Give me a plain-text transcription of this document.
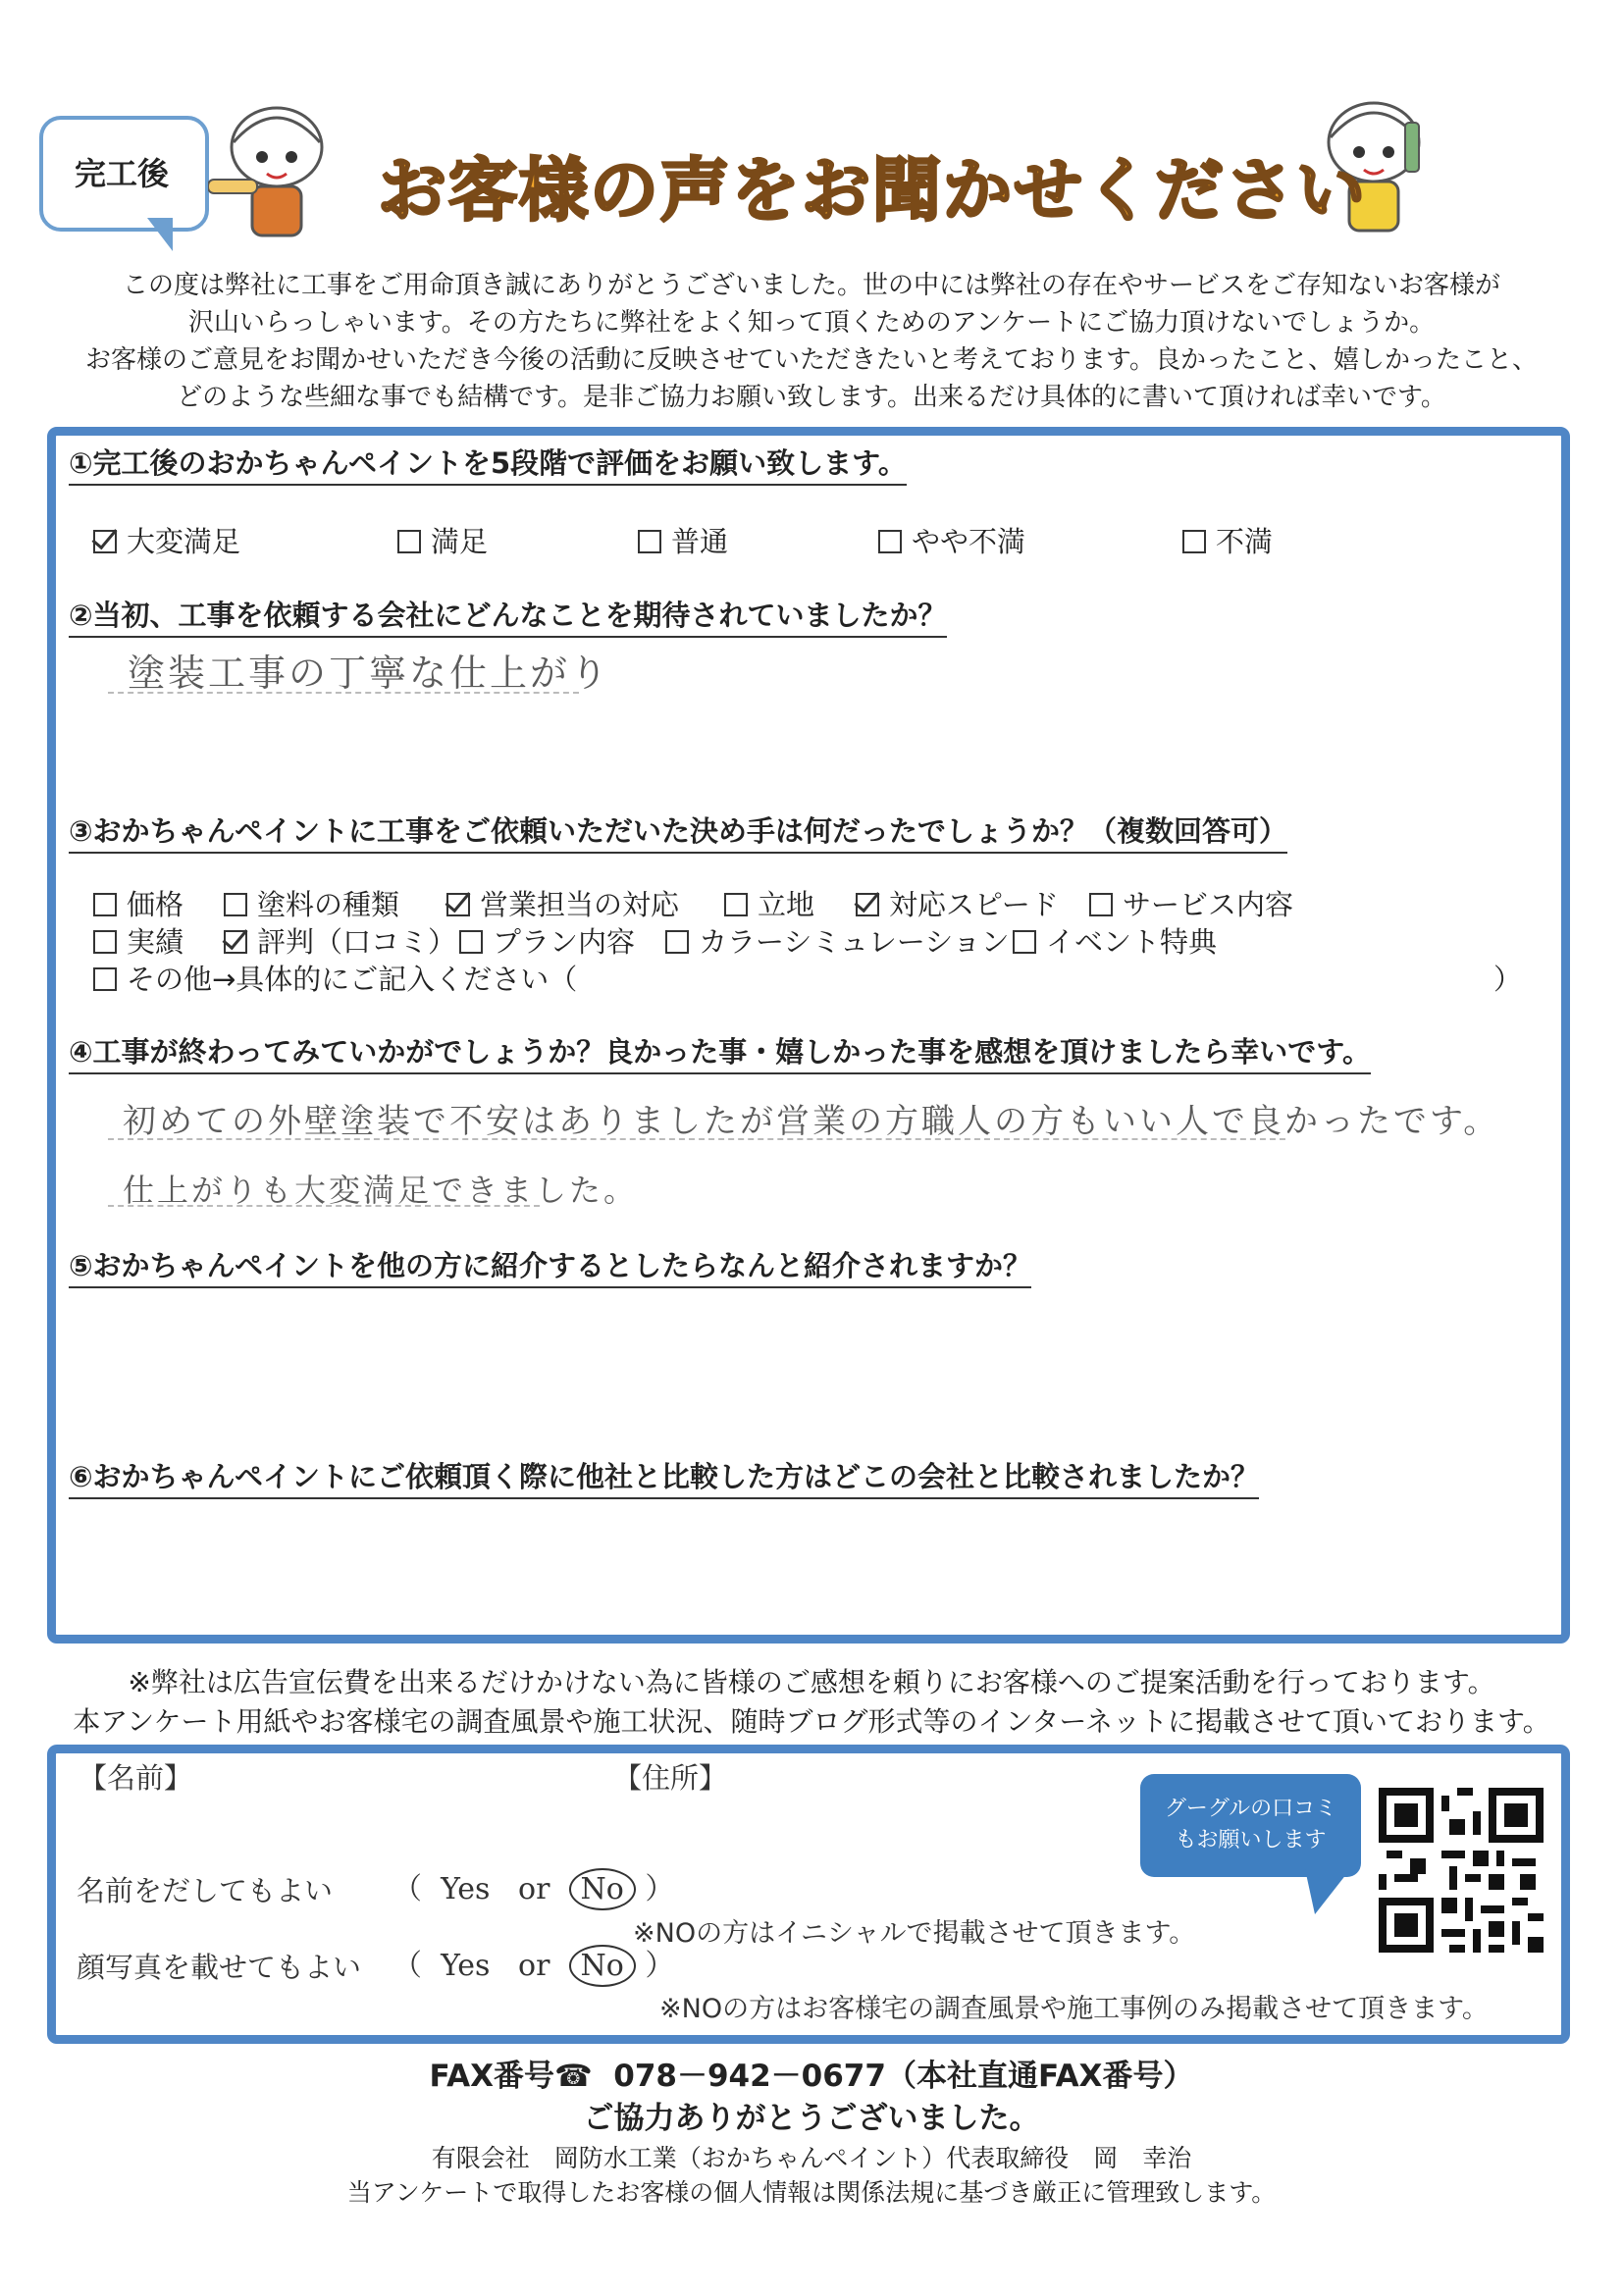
完工後	お客様の声をお聞かせください
この度は弊社に工事をご用命頂き誠にありがとうございました。世の中には弊社の存在やサービスをご存知ないお客様が
沢山いらっしゃいます。その方たちに弊社をよく知って頂くためのアンケートにご協力頂けないでしょうか。
お客様のご意見をお聞かせいただき今後の活動に反映させていただきたいと考えております。良かったこと、嬉しかったこと、
どのような些細な事でも結構です。是非ご協力お願い致します。出来るだけ具体的に書いて頂ければ幸いです。
①完工後のおかちゃんペイントを5段階で評価をお願い致します。
大変満足	満足	普通	やや不満	不満
②当初、工事を依頼する会社にどんなことを期待されていましたか？
塗装工事の丁寧な仕上がり
③おかちゃんペイントに工事をご依頼いただいた決め手は何だったでしょうか？（複数回答可）
価格	塗料の種類	営業担当の対応	立地	対応スピード	サービス内容
実績	評判（口コミ）	プラン内容	カラーシミュレーション	イベント特典
その他→具体的にご記入ください（	）
④工事が終わってみていかがでしょうか？良かった事・嬉しかった事を感想を頂けましたら幸いです。
初めての外壁塗装で不安はありましたが営業の方職人の方もいい人で良かったです。
仕上がりも大変満足できました。
⑤おかちゃんペイントを他の方に紹介するとしたらなんと紹介されますか？
⑥おかちゃんペイントにご依頼頂く際に他社と比較した方はどこの会社と比較されましたか？
※弊社は広告宣伝費を出来るだけかけない為に皆様のご感想を頼りにお客様へのご提案活動を行っております。
本アンケート用紙やお客様宅の調査風景や施工状況、随時ブログ形式等のインターネットに掲載させて頂いております。
【名前】	【住所】
名前をだしてもよい （ Yes or No ）
※NOの方はイニシャルで掲載させて頂きます。
顔写真を載せてもよい （ Yes or No ）
※NOの方はお客様宅の調査風景や施工事例のみ掲載させて頂きます。
グーグルの口コミ
もお願いします
FAX番号☎ 078－942－0677（本社直通FAX番号）
ご協力ありがとうございました。
有限会社　岡防水工業（おかちゃんペイント）代表取締役　岡　幸治
当アンケートで取得したお客様の個人情報は関係法規に基づき厳正に管理致します。
